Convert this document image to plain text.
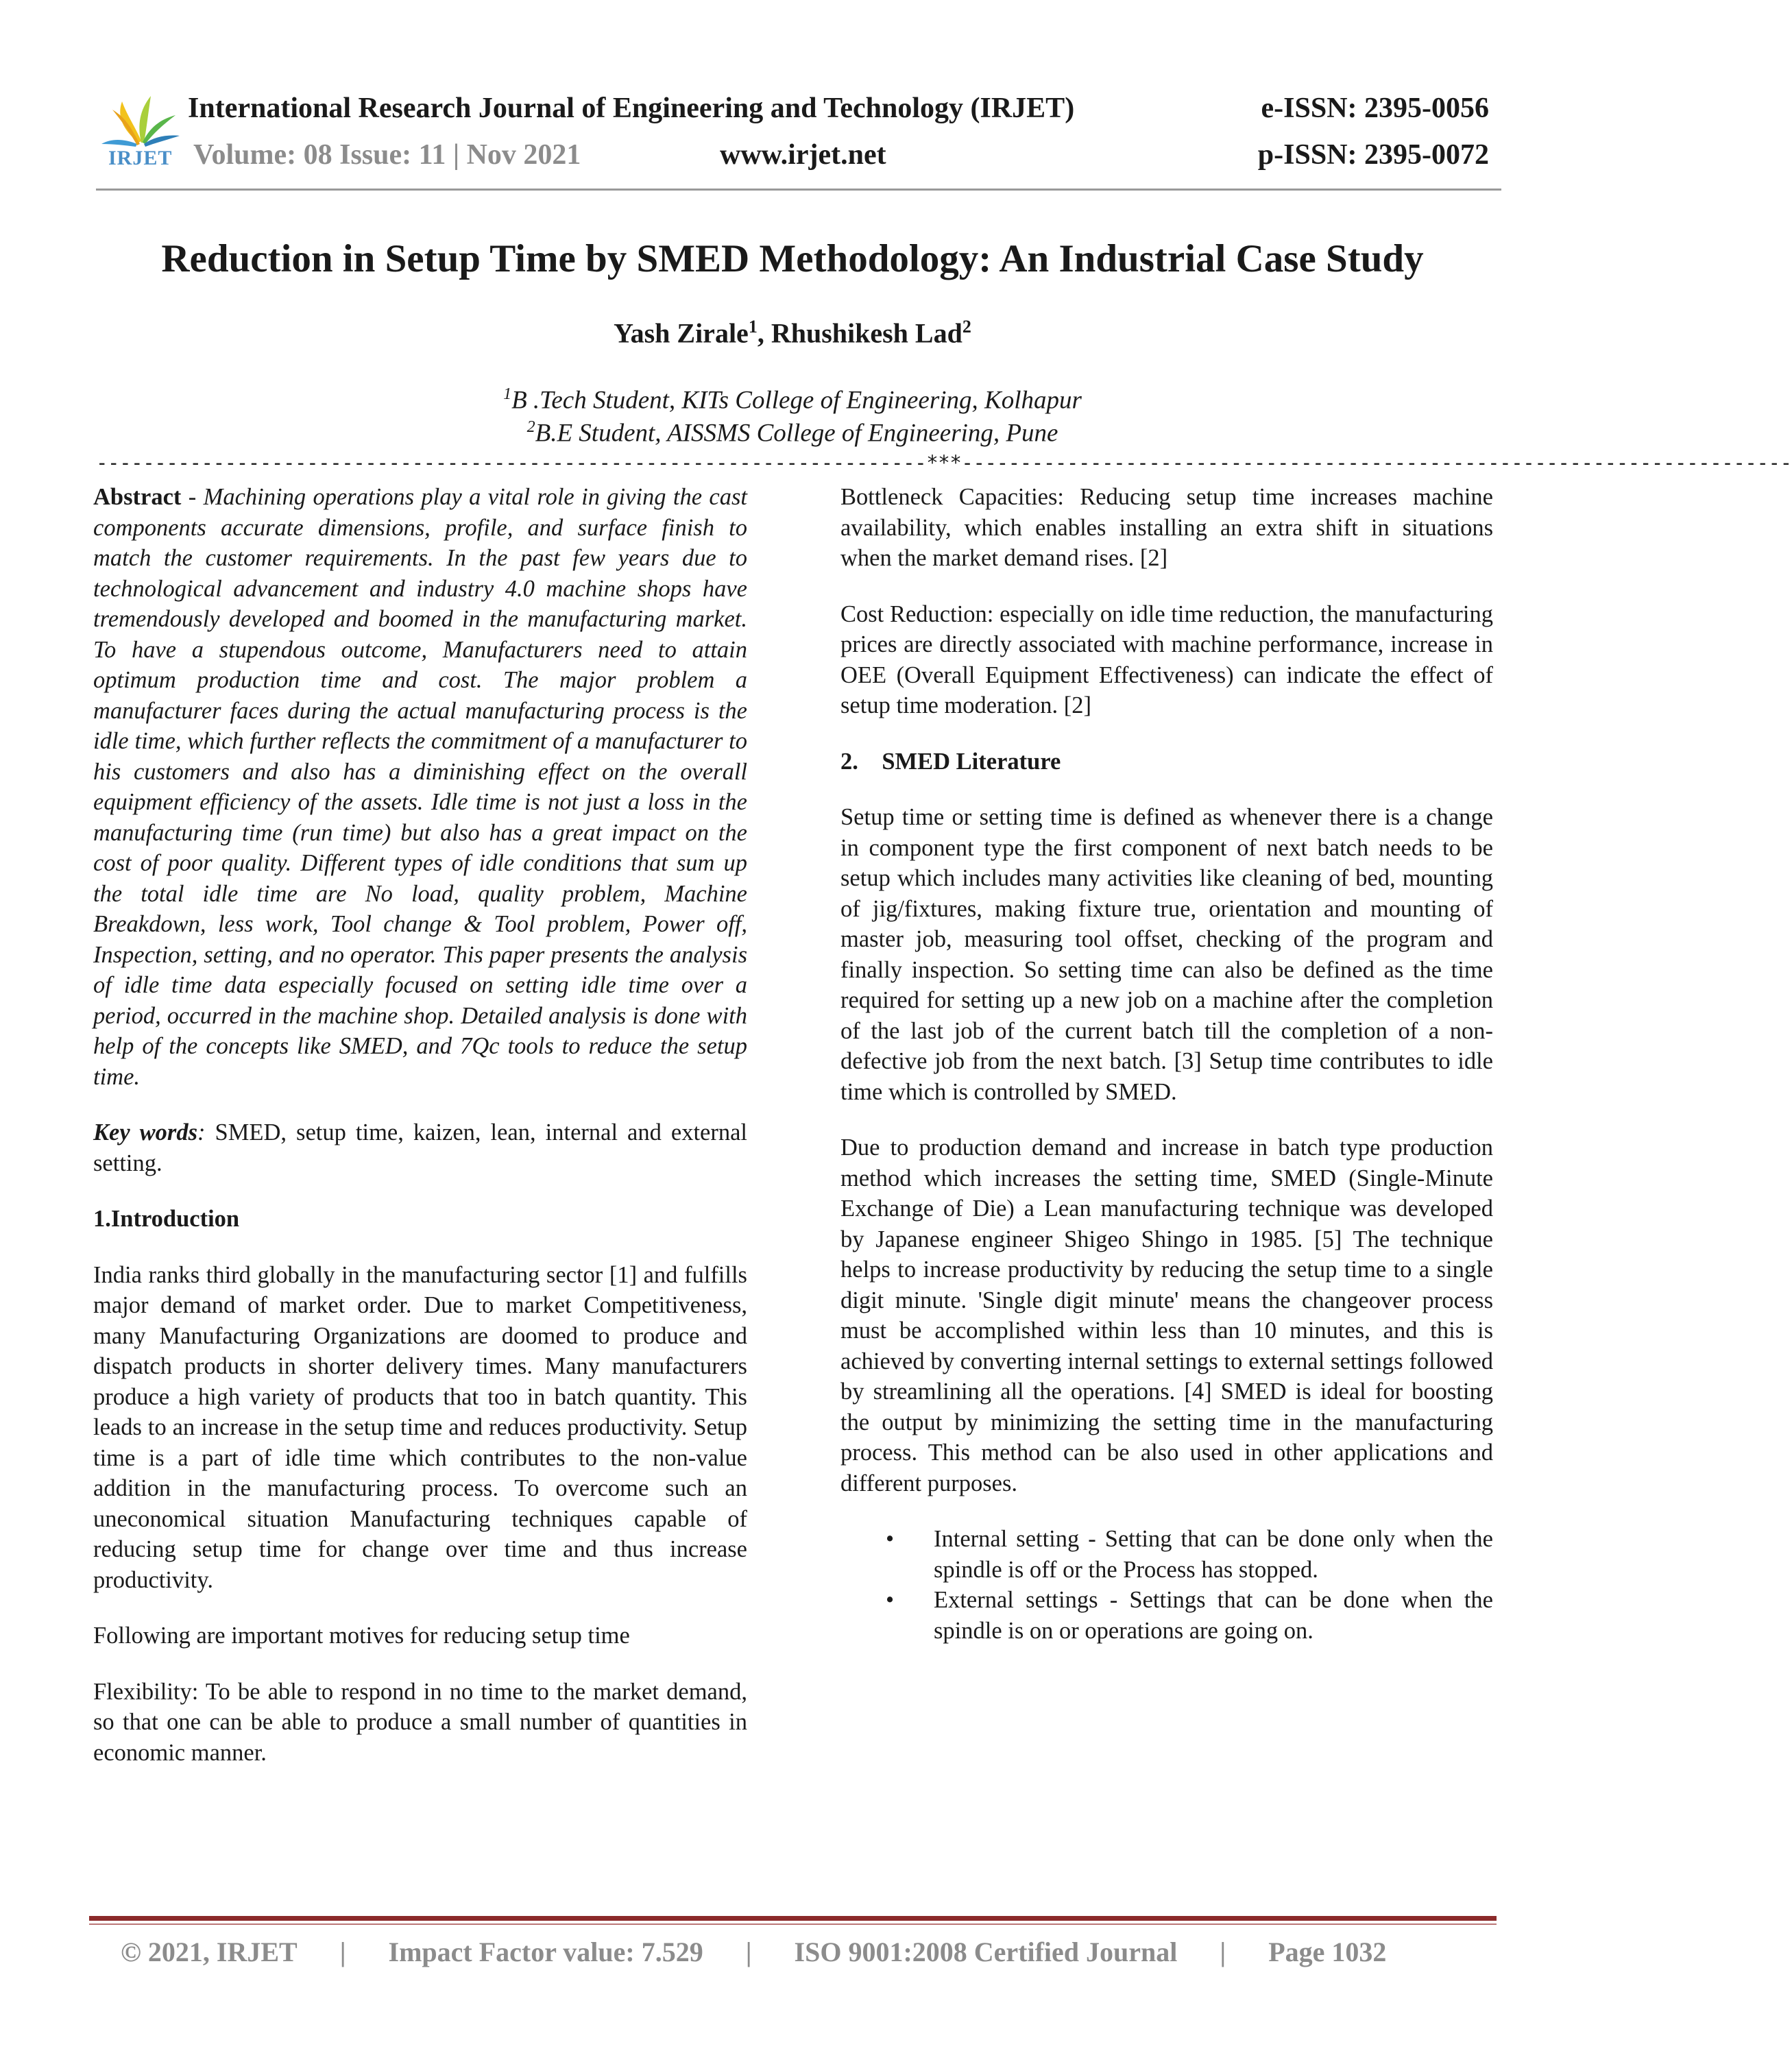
IRJET
International Research Journal of Engineering and Technology (IRJET)	e-ISSN: 2395-0056
Volume: 08 Issue: 11 | Nov 2021	www.irjet.net	p-ISSN: 2395-0072
Reduction in Setup Time by SMED Methodology: An Industrial Case Study
Yash Zirale$^1$, Rhushikesh Lad$^2$
$^1$B .Tech Student, KITs College of Engineering, Kolhapur
$^2$B.E Student, AISSMS College of Engineering, Pune
-----------------------------------------------------------------------***-----------------------------------------------------------------------

Abstract - Machining operations play a vital role in giving the cast components accurate dimensions, profile, and surface finish to match the customer requirements. In the past few years due to technological advancement and industry 4.0 machine shops have tremendously developed and boomed in the manufacturing market. To have a stupendous outcome, Manufacturers need to attain optimum production time and cost. The major problem a manufacturer faces during the actual manufacturing process is the idle time, which further reflects the commitment of a manufacturer to his customers and also has a diminishing effect on the overall equipment efficiency of the assets. Idle time is not just a loss in the manufacturing time (run time) but also has a great impact on the cost of poor quality. Different types of idle conditions that sum up the total idle time are No load, quality problem, Machine Breakdown, less work, Tool change & Tool problem, Power off, Inspection, setting, and no operator. This paper presents the analysis of idle time data especially focused on setting idle time over a period, occurred in the machine shop. Detailed analysis is done with help of the concepts like SMED, and 7Qc tools to reduce the setup time.

Key words: SMED, setup time, kaizen, lean, internal and external setting.

1.Introduction

India ranks third globally in the manufacturing sector [1] and fulfills major demand of market order. Due to market Competitiveness, many Manufacturing Organizations are doomed to produce and dispatch products in shorter delivery times. Many manufacturers produce a high variety of products that too in batch quantity. This leads to an increase in the setup time and reduces productivity. Setup time is a part of idle time which contributes to the non-value addition in the manufacturing process. To overcome such an uneconomical situation Manufacturing techniques capable of reducing setup time for change over time and thus increase productivity.

Following are important motives for reducing setup time

Flexibility: To be able to respond in no time to the market demand, so that one can be able to produce a small number of quantities in economic manner.

Bottleneck Capacities: Reducing setup time increases machine availability, which enables installing an extra shift in situations when the market demand rises. [2]

Cost Reduction: especially on idle time reduction, the manufacturing prices are directly associated with machine performance, increase in OEE (Overall Equipment Effectiveness) can indicate the effect of setup time moderation. [2]

2.    SMED Literature

Setup time or setting time is defined as whenever there is a change in component type the first component of next batch needs to be setup which includes many activities like cleaning of bed, mounting of jig/fixtures, making fixture true, orientation and mounting of master job, measuring tool offset, checking of the program and finally inspection. So setting time can also be defined as the time required for setting up a new job on a machine after the completion of the last job of the current batch till the completion of a non-defective job from the next batch. [3] Setup time contributes to idle time which is controlled by SMED.

Due to production demand and increase in batch type production method which increases the setting time, SMED (Single-Minute Exchange of Die) a Lean manufacturing technique was developed by Japanese engineer Shigeo Shingo in 1985. [5] The technique helps to increase productivity by reducing the setup time to a single digit minute. 'Single digit minute' means the changeover process must be accomplished within less than 10 minutes, and this is achieved by converting internal settings to external settings followed by streamlining all the operations. [4] SMED is ideal for boosting the output by minimizing the setting time in the manufacturing process. This method can be also used in other applications and different purposes.

• Internal setting - Setting that can be done only when the spindle is off or the Process has stopped.
• External settings - Settings that can be done when the spindle is on or operations are going on.
© 2021, IRJET | Impact Factor value: 7.529 | ISO 9001:2008 Certified Journal | Page 1032
